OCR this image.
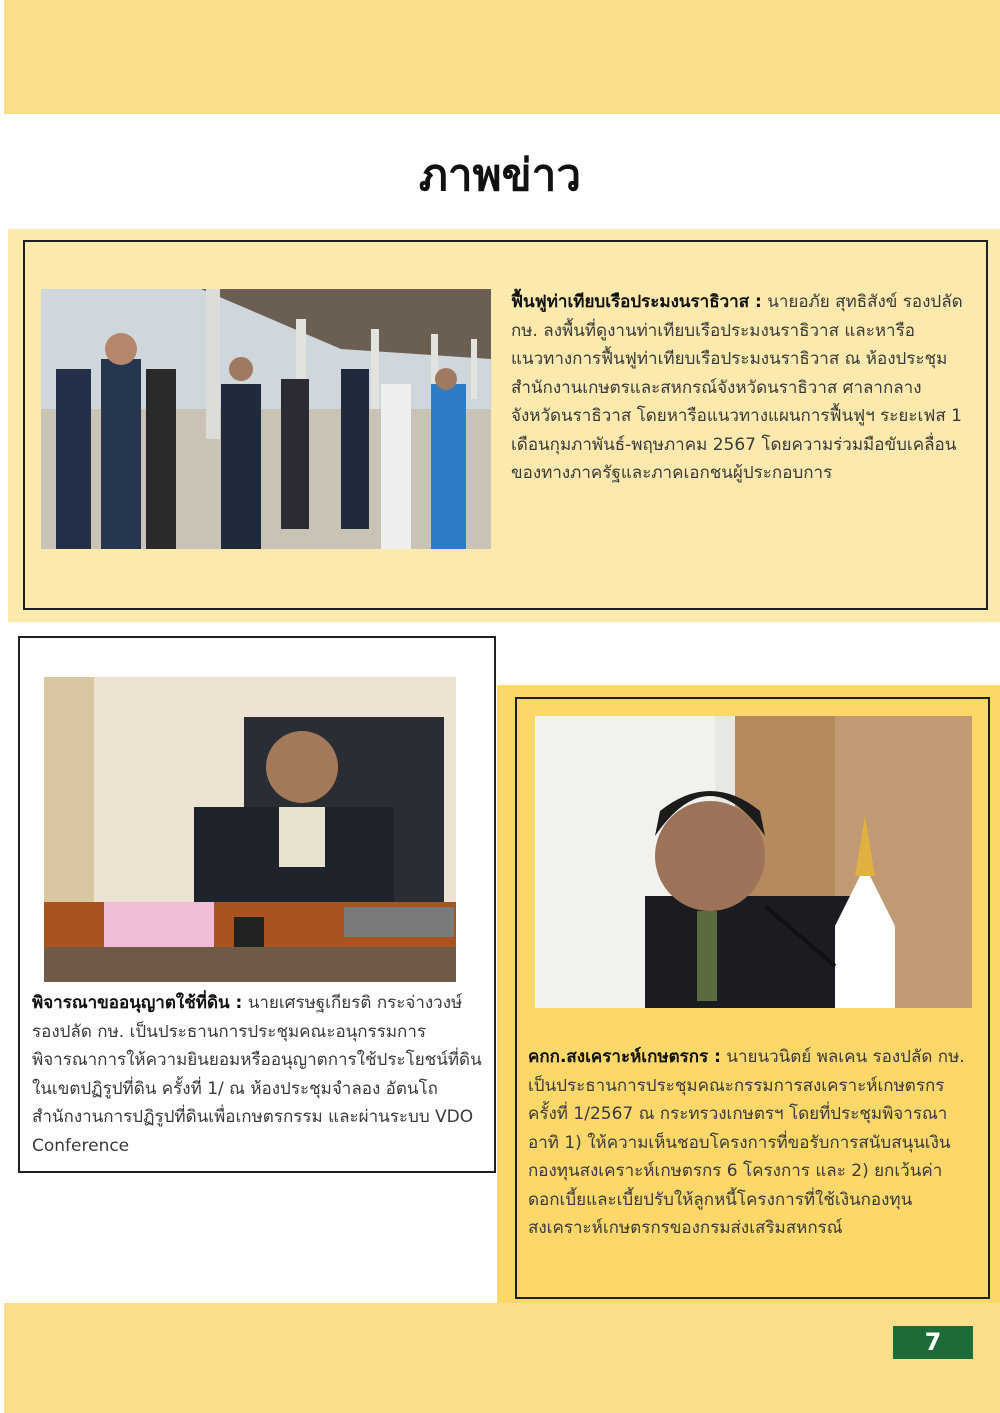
ภาพข่าว
ฟื้นฟูท่าเทียบเรือประมงนราธิวาส : นายอภัย สุทธิสังข์ รองปลัด กษ. ลงพื้นที่ดูงานท่าเทียบเรือประมงนราธิวาส และหารือแนวทางการฟื้นฟูท่าเทียบเรือประมงนราธิวาส ณ ห้องประชุมสำนักงานเกษตรและสหกรณ์จังหวัดนราธิวาส ศาลากลางจังหวัดนราธิวาส โดยหารือแนวทางแผนการฟื้นฟูฯ ระยะเฟส 1 เดือนกุมภาพันธ์-พฤษภาคม 2567 โดยความร่วมมือขับเคลื่อนของทางภาครัฐและภาคเอกชนผู้ประกอบการ
พิจารณาขออนุญาตใช้ที่ดิน : นายเศรษฐเกียรติ กระจ่างวงษ์ รองปลัด กษ. เป็นประธานการประชุมคณะอนุกรรมการพิจารณาการให้ความยินยอมหรืออนุญาตการใช้ประโยชน์ที่ดินในเขตปฏิรูปที่ดิน ครั้งที่ 1/ ณ ห้องประชุมจำลอง อัตนโถ สำนักงานการปฏิรูปที่ดินเพื่อเกษตรกรรม และผ่านระบบ VDO Conference
คกก.สงเคราะห์เกษตรกร : นายนวนิตย์ พลเคน รองปลัด กษ. เป็นประธานการประชุมคณะกรรมการสงเคราะห์เกษตรกร ครั้งที่ 1/2567 ณ กระทรวงเกษตรฯ โดยที่ประชุมพิจารณาอาทิ 1) ให้ความเห็นชอบโครงการที่ขอรับการสนับสนุนเงินกองทุนสงเคราะห์เกษตรกร 6 โครงการ และ 2) ยกเว้นค่าดอกเบี้ยและเบี้ยปรับให้ลูกหนี้โครงการที่ใช้เงินกองทุนสงเคราะห์เกษตรกรของกรมส่งเสริมสหกรณ์
7
